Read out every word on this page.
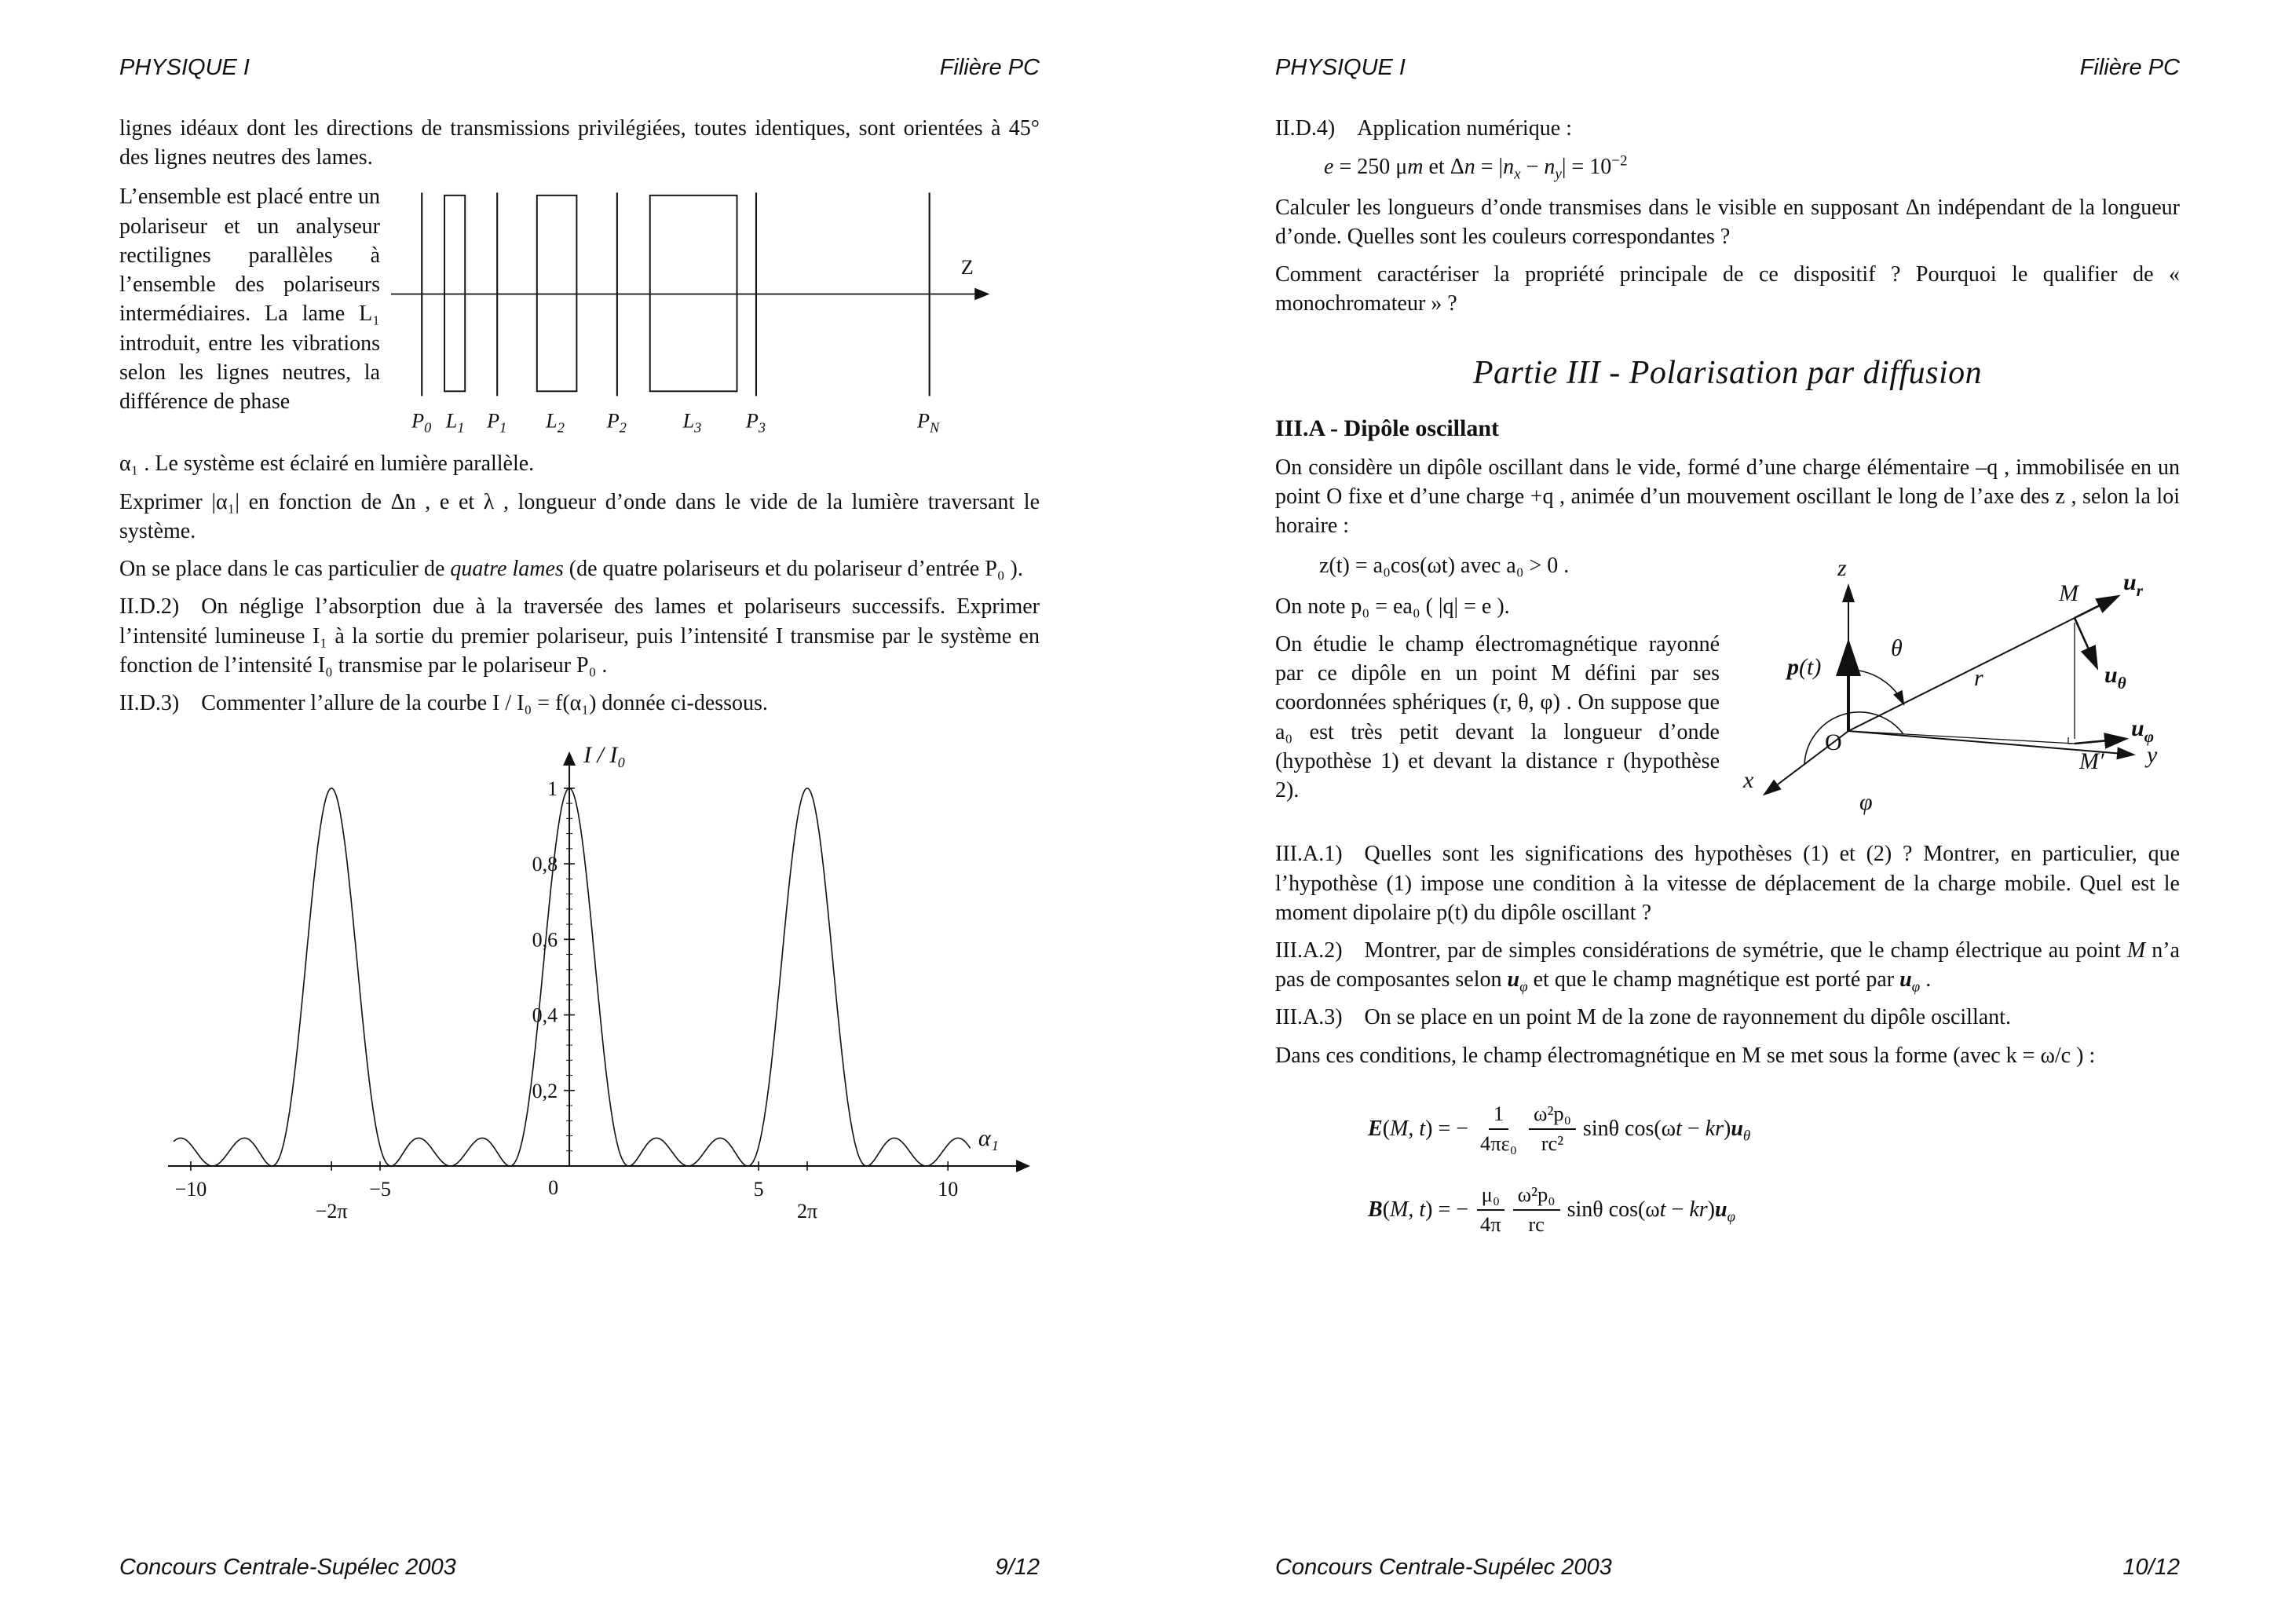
PHYSIQUE I	Filière PC

lignes idéaux dont les directions de transmissions privilégiées, toutes identiques, sont orientées à 45° des lignes neutres des lames.

L’ensemble est placé entre un polariseur et un analyseur rectilignes parallèles à l’ensemble des polariseurs intermédiaires. La lame L₁ introduit, entre les vibrations selon les lignes neutres, la différence de phase

Z
$P_0$ $L_1$ $P_1$ $L_2$ $P_2$ $L_3$ $P_3$	$P_N$

α₁ . Le système est éclairé en lumière parallèle.

Exprimer |α₁| en fonction de Δn , e et λ , longueur d’onde dans le vide de la lumière traversant le système.

On se place dans le cas particulier de quatre lames (de quatre polariseurs et du polariseur d’entrée P₀ ).

II.D.2) On néglige l’absorption due à la traversée des lames et polariseurs successifs. Exprimer l’intensité lumineuse I₁ à la sortie du premier polariseur, puis l’intensité I transmise par le système en fonction de l’intensité I₀ transmise par le polariseur P₀ .

II.D.3) Commenter l’allure de la courbe I / I₀ = f(α₁) donnée ci-dessous.

I / I₀
α₁
−10	−5	0	5	10
−2π	2π
0,2
0,4
0,6
0,8
1
Concours Centrale-Supélec 2003	9/12
PHYSIQUE I	Filière PC

II.D.4) Application numérique :

e = 250 μm et $\Delta n = |n_x - n_y| = 10^{-2}$

Calculer les longueurs d’onde transmises dans le visible en supposant Δn indépendant de la longueur d’onde. Quelles sont les couleurs correspondantes ?

Comment caractériser la propriété principale de ce dispositif ? Pourquoi le qualifier de « monochromateur » ?

Partie III - Polarisation par diffusion
III.A - Dipôle oscillant

On considère un dipôle oscillant dans le vide, formé d’une charge élémentaire –q , immobilisée en un point O fixe et d’une charge +q , animée d’un mouvement oscillant le long de l’axe des z , selon la loi horaire :

z(t) = a₀cos(ωt) avec a₀ > 0 .

On note p₀ = ea₀ ( |q| = e ).

On étudie le champ électromagnétique rayonné par ce dipôle en un point M défini par ses coordonnées sphériques (r, θ, φ) . On suppose que a₀ est très petit devant la longueur d’onde (hypothèse 1) et devant la distance r (hypothèse 2).

z
x
y
O
p(t)	r
M $u_r$
$u_\theta$
M′
$u_\varphi$
θ
φ

III.A.1) Quelles sont les significations des hypothèses (1) et (2) ? Montrer, en particulier, que l’hypothèse (1) impose une condition à la vitesse de déplacement de la charge mobile. Quel est le moment dipolaire p(t) du dipôle oscillant ?

III.A.2) Montrer, par de simples considérations de symétrie, que le champ électrique au point M n’a pas de composantes selon $u_\varphi$ et que le champ magnétique est porté par $u_\varphi$ .

III.A.3) On se place en un point M de la zone de rayonnement du dipôle oscillant.

Dans ces conditions, le champ électromagnétique en M se met sous la forme (avec k = ω/c ) :

E(M, t) = − $\frac{1}{\text{4πε₀}} \frac{\text{ω²p₀}}{\text{rc²}}$ sinθ $\cos(\omega t - kr)u_\theta$
B(M, t) = − $\frac{\text{μ₀}}{4\pi} \frac{\text{ω²p₀}}{rc}$ sinθ $\cos(\omega t - kr)u_\varphi$
Concours Centrale-Supélec 2003	10/12
